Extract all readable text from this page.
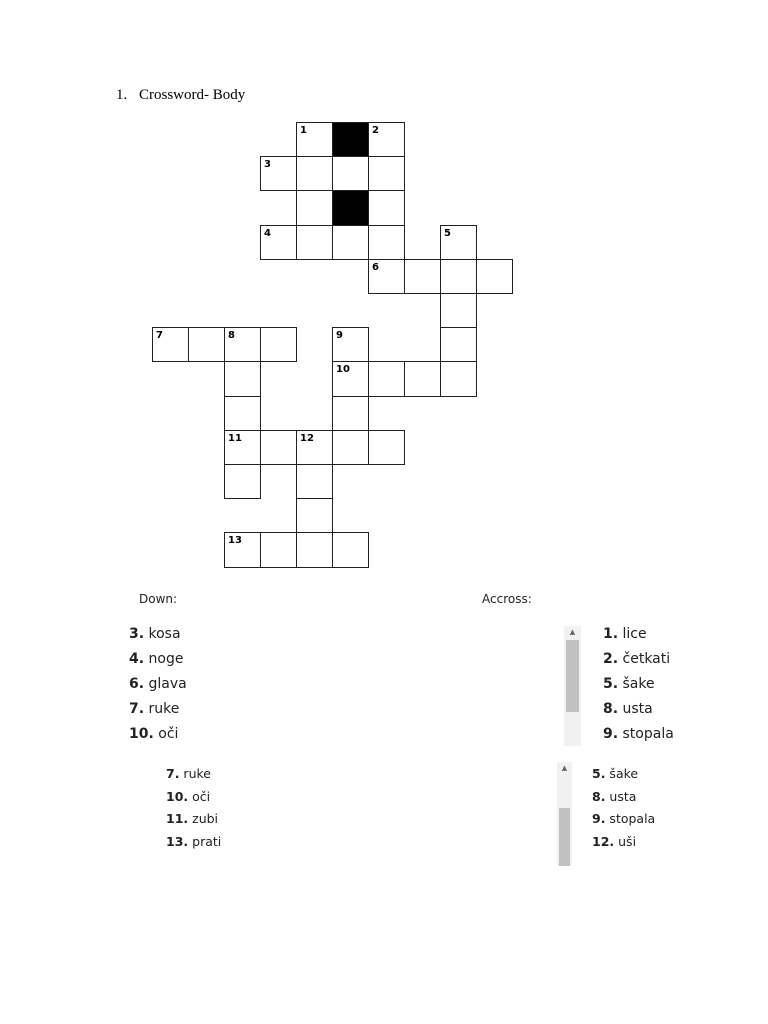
1. Crossword- Body
1	2
3
4	5
6
7	8	9
10
11	12
13
Down:	Accross:
3. kosa
4. noge
6. glava
7. ruke
10. oči
1. lice
2. četkati
5. šake
8. usta
9. stopala
7. ruke
10. oči
11. zubi
13. prati
5. šake
8. usta
9. stopala
12. uši
▲
▲
